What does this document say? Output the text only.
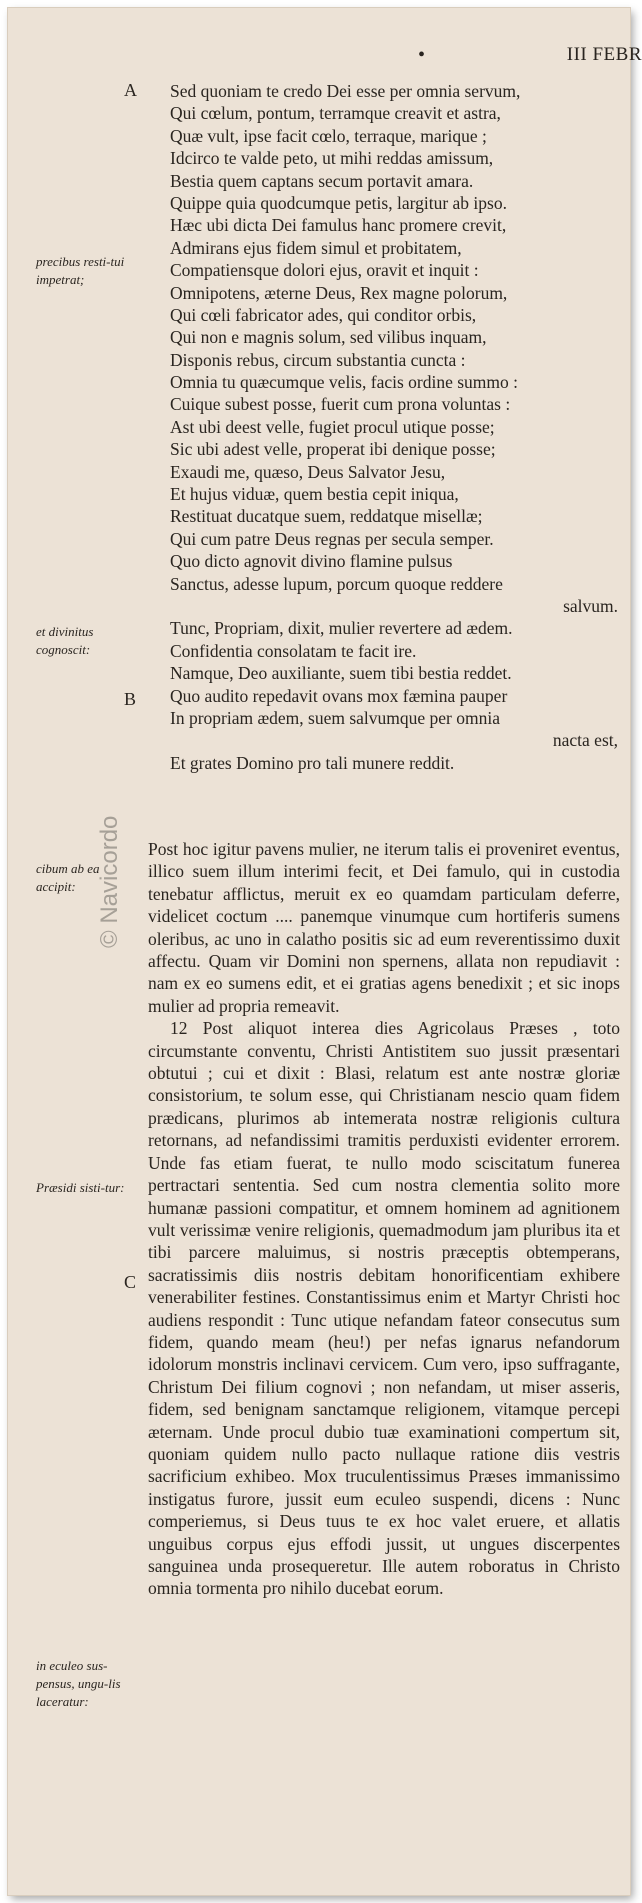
•	III FEBR
A
B
C
precibus resti-tui impetrat;
et divinitus cognoscit:
cibum ab ea accipit:
Præsidi sisti-tur:
in eculeo sus-pensus, ungu-lis laceratur:
© Navicordo
Sed quoniam te credo Dei esse per omnia servum,
Qui cœlum, pontum, terramque creavit et astra,
Quæ vult, ipse facit cœlo, terraque, marique ;
Idcirco te valde peto, ut mihi reddas amissum,
Bestia quem captans secum portavit amara.
Quippe quia quodcumque petis, largitur ab ipso.
Hæc ubi dicta Dei famulus hanc promere crevit,
Admirans ejus fidem simul et probitatem,
Compatiensque dolori ejus, oravit et inquit :
Omnipotens, æterne Deus, Rex magne polorum,
Qui cœli fabricator ades, qui conditor orbis,
Qui non e magnis solum, sed vilibus inquam,
Disponis rebus, circum substantia cuncta :
Omnia tu quæcumque velis, facis ordine summo :
Cuique subest posse, fuerit cum prona voluntas :
Ast ubi deest velle, fugiet procul utique posse;
Sic ubi adest velle, properat ibi denique posse;
Exaudi me, quæso, Deus Salvator Jesu,
Et hujus viduæ, quem bestia cepit iniqua,
Restituat ducatque suem, reddatque misellæ;
Qui cum patre Deus regnas per secula semper.
Quo dicto agnovit divino flamine pulsus
Sanctus, adesse lupum, porcum quoque reddere
salvum.
Tunc, Propriam, dixit, mulier revertere ad ædem.
Confidentia consolatam te facit ire.
Namque, Deo auxiliante, suem tibi bestia reddet.
Quo audito repedavit ovans mox fæmina pauper
In propriam ædem, suem salvumque per omnia
nacta est,
Et grates Domino pro tali munere reddit.
Post hoc igitur pavens mulier, ne iterum talis ei proveniret eventus, illico suem illum interimi fecit, et Dei famulo, qui in custodia tenebatur afflictus, meruit ex eo quamdam particulam deferre, videlicet coctum .... panemque vinumque cum hortiferis sumens oleribus, ac uno in calatho positis sic ad eum reverentissimo duxit affectu. Quam vir Domini non spernens, allata non repudiavit : nam ex eo sumens edit, et ei gratias agens benedixit ; et sic inops mulier ad propria remeavit.
12 Post aliquot interea dies Agricolaus Præses , toto circumstante conventu, Christi Antistitem suo jussit præsentari obtutui ; cui et dixit : Blasi, relatum est ante nostræ gloriæ consistorium, te solum esse, qui Christianam nescio quam fidem prædicans, plurimos ab intemerata nostræ religionis cultura retornans, ad nefandissimi tramitis perduxisti evidenter errorem. Unde fas etiam fuerat, te nullo modo sciscitatum funerea pertractari sententia. Sed cum nostra clementia solito more humanæ passioni compatitur, et omnem hominem ad agnitionem vult verissimæ venire religionis, quemadmodum jam pluribus ita et tibi parcere maluimus, si nostris præceptis obtemperans, sacratissimis diis nostris debitam honorificentiam exhibere venerabiliter festines. Constantissimus enim et Martyr Christi hoc audiens respondit : Tunc utique nefandam fateor consecutus sum fidem, quando meam (heu!) per nefas ignarus nefandorum idolorum monstris inclinavi cervicem. Cum vero, ipso suffragante, Christum Dei filium cognovi ; non nefandam, ut miser asseris, fidem, sed benignam sanctamque religionem, vitamque percepi æternam. Unde procul dubio tuæ examinationi compertum sit, quoniam quidem nullo pacto nullaque ratione diis vestris sacrificium exhibeo. Mox truculentissimus Præses immanissimo instigatus furore, jussit eum eculeo suspendi, dicens : Nunc comperiemus, si Deus tuus te ex hoc valet eruere, et allatis unguibus corpus ejus effodi jussit, ut ungues discerpentes sanguinea unda prosequeretur. Ille autem roboratus in Christo omnia tormenta pro nihilo ducebat eorum.
